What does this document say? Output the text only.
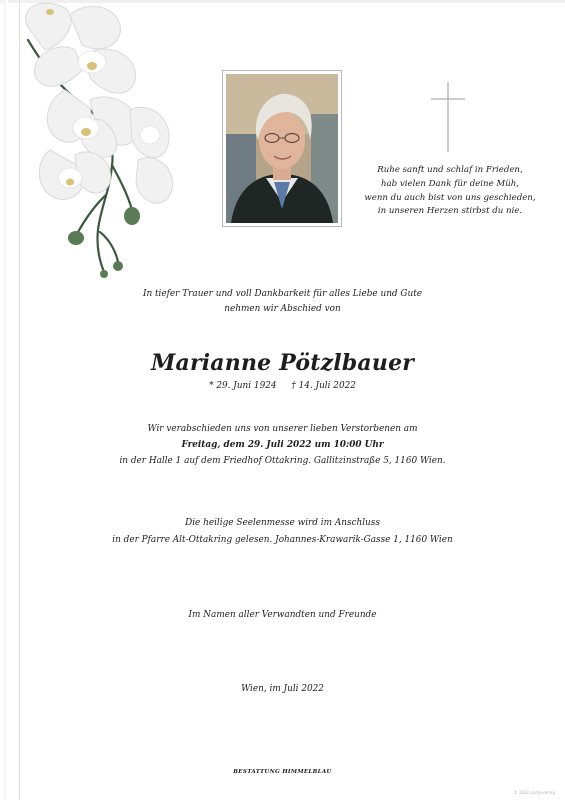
Ruhe sanft und schlaf in Frieden,
hab vielen Dank für deine Müh,
wenn du auch bist von uns geschieden,
in unseren Herzen stirbst du nie.
In tiefer Trauer und voll Dankbarkeit für alles Liebe und Gute
nehmen wir Abschied von
Marianne Pötzlbauer
* 29. Juni 1924 † 14. Juli 2022
Wir verabschieden uns von unserer lieben Verstorbenen am
Freitag, dem 29. Juli 2022 um 10:00 Uhr
in der Halle 1 auf dem Friedhof Ottakring. Gallitzinstraße 5, 1160 Wien.
Die heilige Seelenmesse wird im Anschluss
in der Pfarre Alt-Ottakring gelesen. Johannes-Krawarik-Gasse 1, 1160 Wien
Im Namen aller Verwandten und Freunde
Wien, im Juli 2022
BESTATTUNG HIMMELBLAU
© 2022 parte-verlag
